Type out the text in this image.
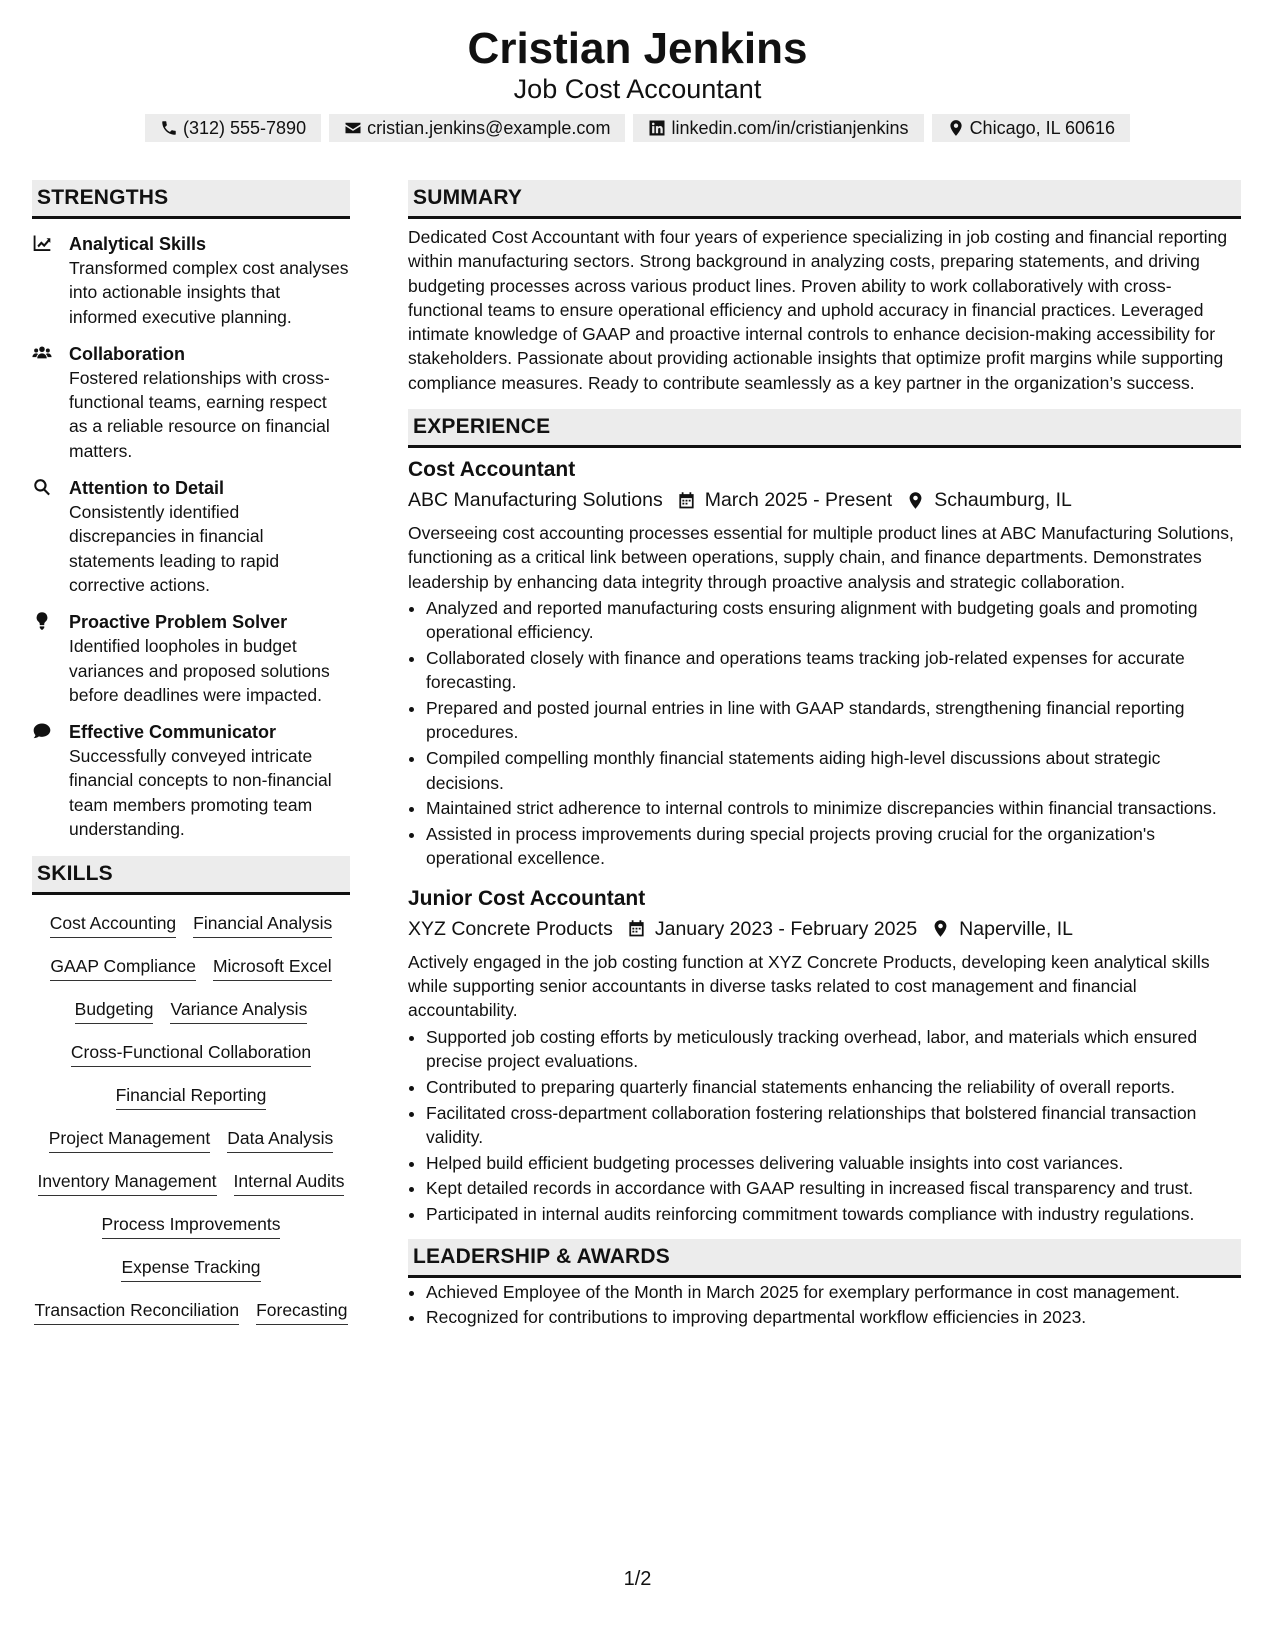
Cristian Jenkins
Job Cost Accountant
(312) 555-7890	cristian.jenkins@example.com	linkedin.com/in/cristianjenkins	Chicago, IL 60616
STRENGTHS
Analytical Skills
Transformed complex cost analyses into actionable insights that informed executive planning.
Collaboration
Fostered relationships with cross-functional teams, earning respect as a reliable resource on financial matters.
Attention to Detail
Consistently identified discrepancies in financial statements leading to rapid corrective actions.
Proactive Problem Solver
Identified loopholes in budget variances and proposed solutions before deadlines were impacted.
Effective Communicator
Successfully conveyed intricate financial concepts to non-financial team members promoting team understanding.
SKILLS
Cost Accounting Financial Analysis
GAAP Compliance Microsoft Excel
Budgeting Variance Analysis
Cross-Functional Collaboration
Financial Reporting
Project Management Data Analysis
Inventory Management Internal Audits
Process Improvements
Expense Tracking
Transaction Reconciliation Forecasting
SUMMARY
Dedicated Cost Accountant with four years of experience specializing in job costing and financial reporting within manufacturing sectors. Strong background in analyzing costs, preparing statements, and driving budgeting processes across various product lines. Proven ability to work collaboratively with cross-functional teams to ensure operational efficiency and uphold accuracy in financial practices. Leveraged intimate knowledge of GAAP and proactive internal controls to enhance decision-making accessibility for stakeholders. Passionate about providing actionable insights that optimize profit margins while supporting compliance measures. Ready to contribute seamlessly as a key partner in the organization’s success.
EXPERIENCE
Cost Accountant
ABC Manufacturing Solutions March 2025 - Present Schaumburg, IL
Overseeing cost accounting processes essential for multiple product lines at ABC Manufacturing Solutions, functioning as a critical link between operations, supply chain, and finance departments. Demonstrates leadership by enhancing data integrity through proactive analysis and strategic collaboration.
• Analyzed and reported manufacturing costs ensuring alignment with budgeting goals and promoting operational efficiency.
• Collaborated closely with finance and operations teams tracking job-related expenses for accurate forecasting.
• Prepared and posted journal entries in line with GAAP standards, strengthening financial reporting procedures.
• Compiled compelling monthly financial statements aiding high-level discussions about strategic decisions.
• Maintained strict adherence to internal controls to minimize discrepancies within financial transactions.
• Assisted in process improvements during special projects proving crucial for the organization's operational excellence.
Junior Cost Accountant
XYZ Concrete Products January 2023 - February 2025 Naperville, IL
Actively engaged in the job costing function at XYZ Concrete Products, developing keen analytical skills while supporting senior accountants in diverse tasks related to cost management and financial accountability.
• Supported job costing efforts by meticulously tracking overhead, labor, and materials which ensured precise project evaluations.
• Contributed to preparing quarterly financial statements enhancing the reliability of overall reports.
• Facilitated cross-department collaboration fostering relationships that bolstered financial transaction validity.
• Helped build efficient budgeting processes delivering valuable insights into cost variances.
• Kept detailed records in accordance with GAAP resulting in increased fiscal transparency and trust.
• Participated in internal audits reinforcing commitment towards compliance with industry regulations.
LEADERSHIP & AWARDS
• Achieved Employee of the Month in March 2025 for exemplary performance in cost management.
• Recognized for contributions to improving departmental workflow efficiencies in 2023.
1/2
